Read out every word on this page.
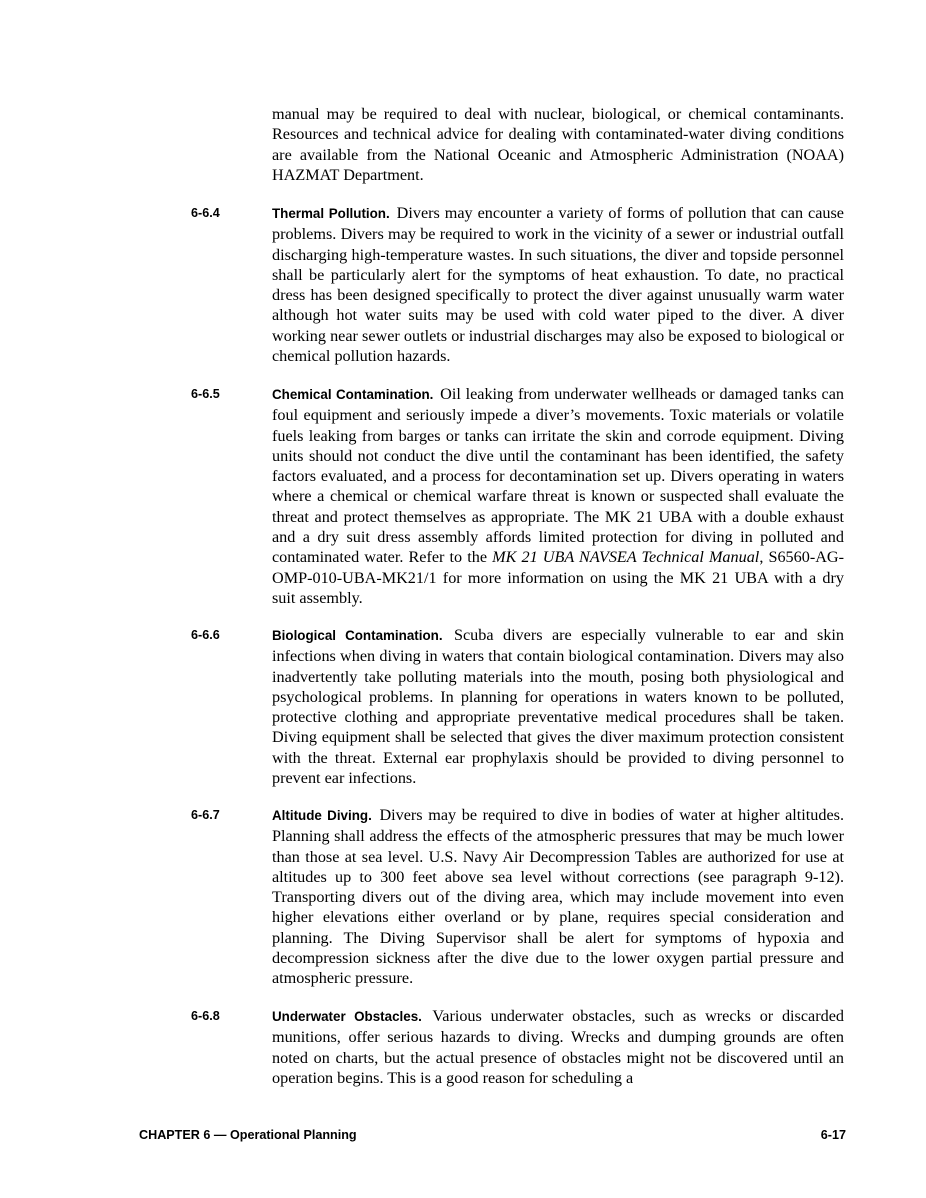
manual may be required to deal with nuclear, biological, or chemical contaminants. Resources and technical advice for dealing with contaminated-water diving conditions are available from the National Oceanic and Atmospheric Administration (NOAA) HAZMAT Department.

6-6.4	Thermal Pollution. Divers may encounter a variety of forms of pollution that can cause problems. Divers may be required to work in the vicinity of a sewer or industrial outfall discharging high-temperature wastes. In such situations, the diver and topside personnel shall be particularly alert for the symptoms of heat exhaustion. To date, no practical dress has been designed specifically to protect the diver against unusually warm water although hot water suits may be used with cold water piped to the diver. A diver working near sewer outlets or industrial discharges may also be exposed to biological or chemical pollution hazards.

6-6.5	Chemical Contamination. Oil leaking from underwater wellheads or damaged tanks can foul equipment and seriously impede a diver’s movements. Toxic materials or volatile fuels leaking from barges or tanks can irritate the skin and corrode equipment. Diving units should not conduct the dive until the contaminant has been identified, the safety factors evaluated, and a process for decontamination set up. Divers operating in waters where a chemical or chemical warfare threat is known or suspected shall evaluate the threat and protect themselves as appropriate. The MK 21 UBA with a double exhaust and a dry suit dress assembly affords limited protection for diving in polluted and contaminated water. Refer to the MK 21 UBA NAVSEA Technical Manual, S6560-AG-OMP-010-UBA-MK21/1 for more information on using the MK 21 UBA with a dry suit assembly.

6-6.6	Biological Contamination. Scuba divers are especially vulnerable to ear and skin infections when diving in waters that contain biological contamination. Divers may also inadvertently take polluting materials into the mouth, posing both physiological and psychological problems. In planning for operations in waters known to be polluted, protective clothing and appropriate preventative medical procedures shall be taken. Diving equipment shall be selected that gives the diver maximum protection consistent with the threat. External ear prophylaxis should be provided to diving personnel to prevent ear infections.

6-6.7	Altitude Diving. Divers may be required to dive in bodies of water at higher altitudes. Planning shall address the effects of the atmospheric pressures that may be much lower than those at sea level. U.S. Navy Air Decompression Tables are authorized for use at altitudes up to 300 feet above sea level without corrections (see paragraph 9-12). Transporting divers out of the diving area, which may include movement into even higher elevations either overland or by plane, requires special consideration and planning. The Diving Supervisor shall be alert for symptoms of hypoxia and decompression sickness after the dive due to the lower oxygen partial pressure and atmospheric pressure.

6-6.8	Underwater Obstacles. Various underwater obstacles, such as wrecks or discarded munitions, offer serious hazards to diving. Wrecks and dumping grounds are often noted on charts, but the actual presence of obstacles might not be discovered until an operation begins. This is a good reason for scheduling a

CHAPTER 6 — Operational Planning	6-17
